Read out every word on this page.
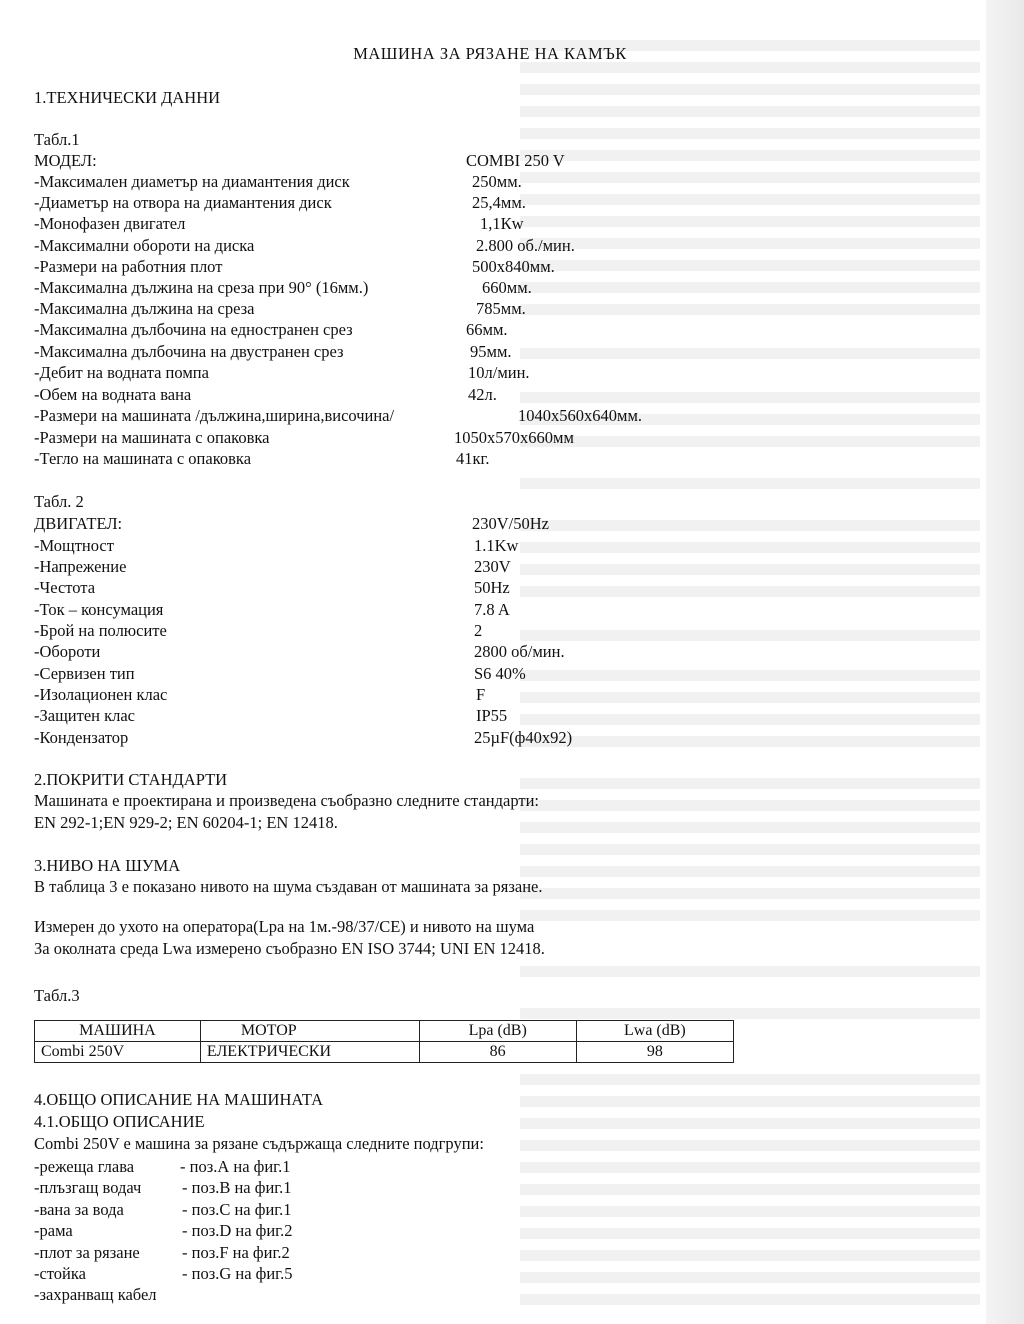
МАШИНА ЗА РЯЗАНЕ НА КАМЪК
1.ТЕХНИЧЕСКИ ДАННИ
Табл.1
МОДЕЛ:	COMBI 250 V
-Максимален диаметър на диамантения диск	250мм.
-Диаметър на отвора на диамантения диск	25,4мм.
-Монофазен двигател	1,1Кw
-Максимални обороти на диска	2.800 об./мин.
-Размери на работния плот	500х840мм.
-Максимална дължина на среза при 90° (16мм.)	660мм.
-Максимална дължина на среза	785мм.
-Максимална дълбочина на едностранен срез	66мм.
-Максимална дълбочина на двустранен срез	95мм.
-Дебит на водната помпа	10л/мин.
-Обем на водната вана	42л.
-Размери на машината /дължина,ширина,височина/	1040х560х640мм.
-Размери на машината с опаковка	1050х570х660мм
-Тегло на машината с опаковка	41кг.
Табл. 2
ДВИГАТЕЛ:	230V/50Hz
-Мощтност	1.1Kw
-Напрежение	230V
-Честота	50Hz
-Ток – консумация	7.8 A
-Брой на полюсите	2
-Обороти	2800 об/мин.
-Сервизен тип	S6 40%
-Изолационен клас	F
-Защитен клас	IP55
-Кондензатор	25µF(ф40х92)
2.ПОКРИТИ СТАНДАРТИ
Машината е проектирана и произведена съобразно следните стандарти:
EN 292-1;EN 929-2; EN 60204-1; EN 12418.
3.НИВО НА ШУМА
В таблица 3 е показано нивото на шума създаван от машината за рязане.
Измерен до ухото на оператора(Lpa на 1м.-98/37/CE) и нивото на шума
За околната среда Lwa измерено съобразно EN ISO 3744; UNI EN 12418.
Табл.3
МАШИНА	МОТОР	Lpa (dB)	Lwa (dB)
Combi 250V	ЕЛЕКТРИЧЕСКИ	86	98
4.ОБЩО ОПИСАНИЕ НА МАШИНАТА
4.1.ОБЩО ОПИСАНИЕ
Combi 250V е машина за рязане съдържаща следните подгрупи:
-режеща глава	- поз.А на фиг.1
-плъзгащ водач - поз.B на фиг.1
-вана за вода	- поз.C на фиг.1
-рама	- поз.D на фиг.2
-плот за рязане	- поз.F на фиг.2
-стойка	- поз.G на фиг.5
-захранващ кабел
